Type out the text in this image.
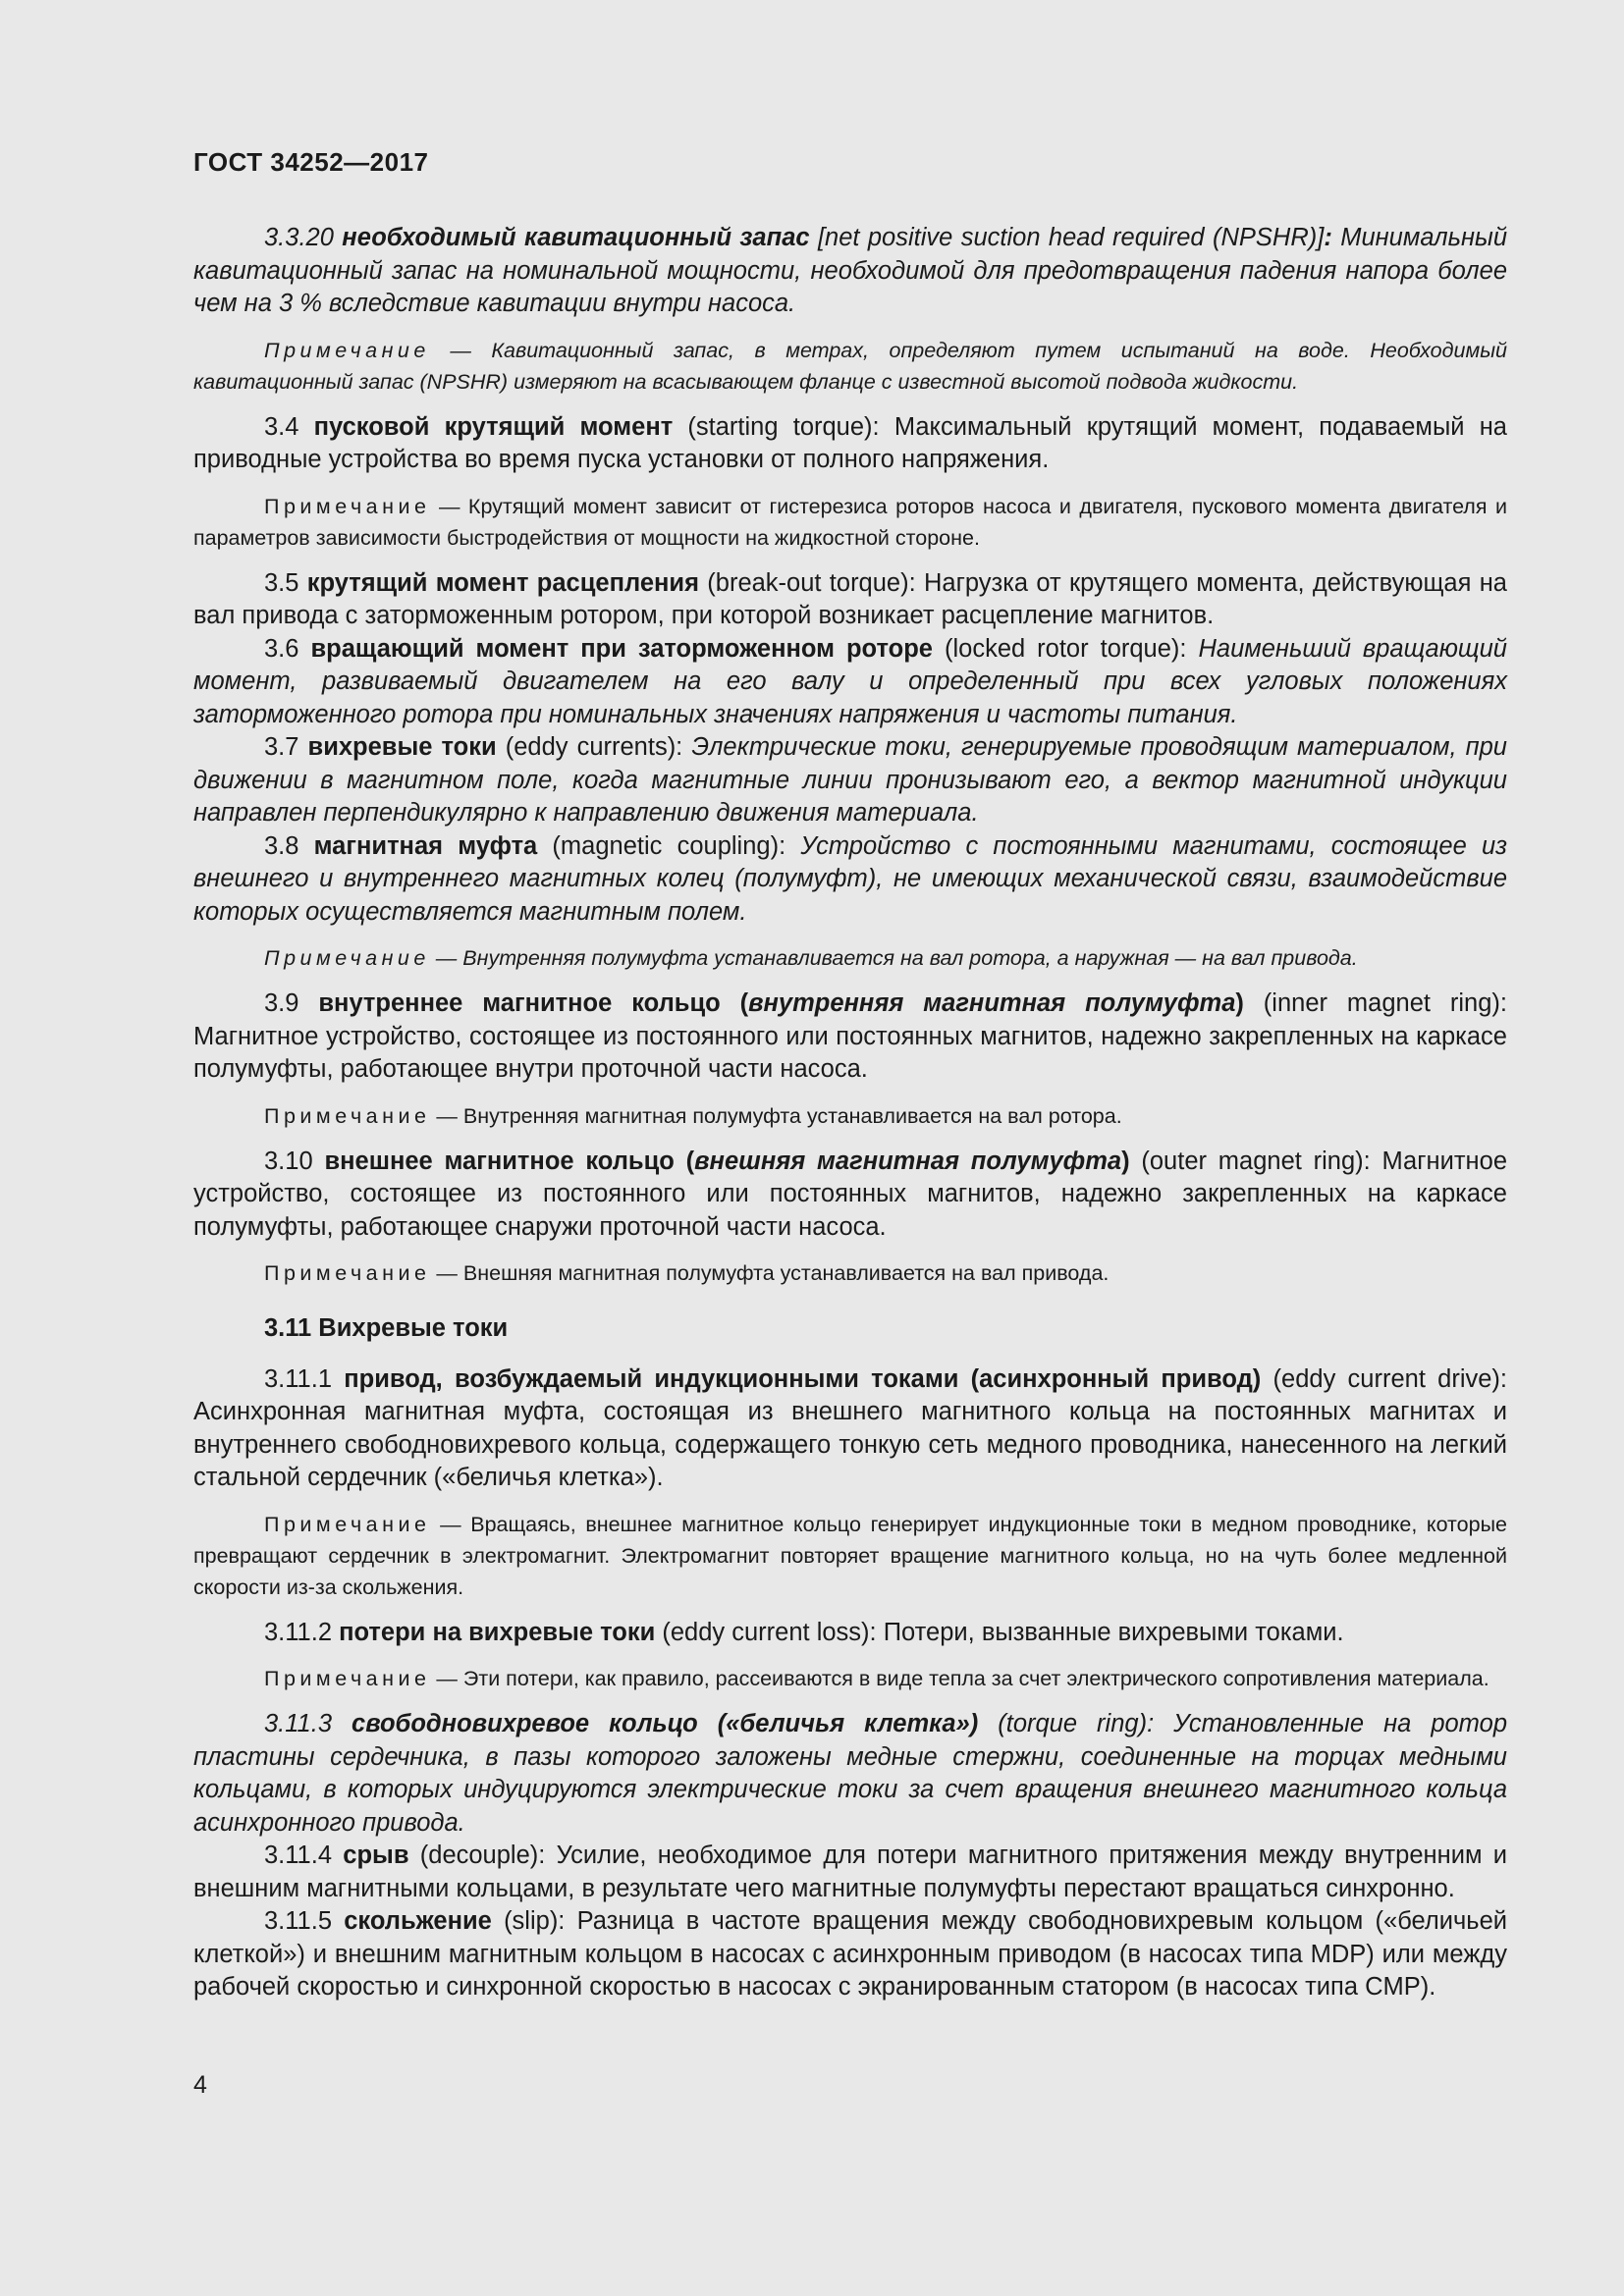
ГОСТ 34252—2017

3.3.20 необходимый кавитационный запас [net positive suction head required (NPSHR)]: Минимальный кавитационный запас на номинальной мощности, необходимой для предотвращения падения напора более чем на 3 % вследствие кавитации внутри насоса.

Примечание — Кавитационный запас, в метрах, определяют путем испытаний на воде. Необходимый кавитационный запас (NPSHR) измеряют на всасывающем фланце с известной высотой подвода жидкости.

3.4 пусковой крутящий момент (starting torque): Максимальный крутящий момент, подаваемый на приводные устройства во время пуска установки от полного напряжения.

Примечание — Крутящий момент зависит от гистерезиса роторов насоса и двигателя, пускового момента двигателя и параметров зависимости быстродействия от мощности на жидкостной стороне.

3.5 крутящий момент расцепления (break-out torque): Нагрузка от крутящего момента, действующая на вал привода с заторможенным ротором, при которой возникает расцепление магнитов.

3.6 вращающий момент при заторможенном роторе (locked rotor torque): Наименьший вращающий момент, развиваемый двигателем на его валу и определенный при всех угловых положениях заторможенного ротора при номинальных значениях напряжения и частоты питания.

3.7 вихревые токи (eddy currents): Электрические токи, генерируемые проводящим материалом, при движении в магнитном поле, когда магнитные линии пронизывают его, а вектор магнитной индукции направлен перпендикулярно к направлению движения материала.

3.8 магнитная муфта (magnetic coupling): Устройство с постоянными магнитами, состоящее из внешнего и внутреннего магнитных колец (полумуфт), не имеющих механической связи, взаимодействие которых осуществляется магнитным полем.

Примечание — Внутренняя полумуфта устанавливается на вал ротора, а наружная — на вал привода.

3.9 внутреннее магнитное кольцо (внутренняя магнитная полумуфта) (inner magnet ring): Магнитное устройство, состоящее из постоянного или постоянных магнитов, надежно закрепленных на каркасе полумуфты, работающее внутри проточной части насоса.

Примечание — Внутренняя магнитная полумуфта устанавливается на вал ротора.

3.10 внешнее магнитное кольцо (внешняя магнитная полумуфта) (outer magnet ring): Магнитное устройство, состоящее из постоянного или постоянных магнитов, надежно закрепленных на каркасе полумуфты, работающее снаружи проточной части насоса.

Примечание — Внешняя магнитная полумуфта устанавливается на вал привода.

3.11 Вихревые токи

3.11.1 привод, возбуждаемый индукционными токами (асинхронный привод) (eddy current drive): Асинхронная магнитная муфта, состоящая из внешнего магнитного кольца на постоянных магнитах и внутреннего свободновихревого кольца, содержащего тонкую сеть медного проводника, нанесенного на легкий стальной сердечник («беличья клетка»).

Примечание — Вращаясь, внешнее магнитное кольцо генерирует индукционные токи в медном проводнике, которые превращают сердечник в электромагнит. Электромагнит повторяет вращение магнитного кольца, но на чуть более медленной скорости из-за скольжения.

3.11.2 потери на вихревые токи (eddy current loss): Потери, вызванные вихревыми токами.

Примечание — Эти потери, как правило, рассеиваются в виде тепла за счет электрического сопротивления материала.

3.11.3 свободновихревое кольцо («беличья клетка») (torque ring): Установленные на ротор пластины сердечника, в пазы которого заложены медные стержни, соединенные на торцах медными кольцами, в которых индуцируются электрические токи за счет вращения внешнего магнитного кольца асинхронного привода.

3.11.4 срыв (decouple): Усилие, необходимое для потери магнитного притяжения между внутренним и внешним магнитными кольцами, в результате чего магнитные полумуфты перестают вращаться синхронно.

3.11.5 скольжение (slip): Разница в частоте вращения между свободновихревым кольцом («беличьей клеткой») и внешним магнитным кольцом в насосах с асинхронным приводом (в насосах типа MDP) или между рабочей скоростью и синхронной скоростью в насосах с экранированным статором (в насосах типа CMP).

4
